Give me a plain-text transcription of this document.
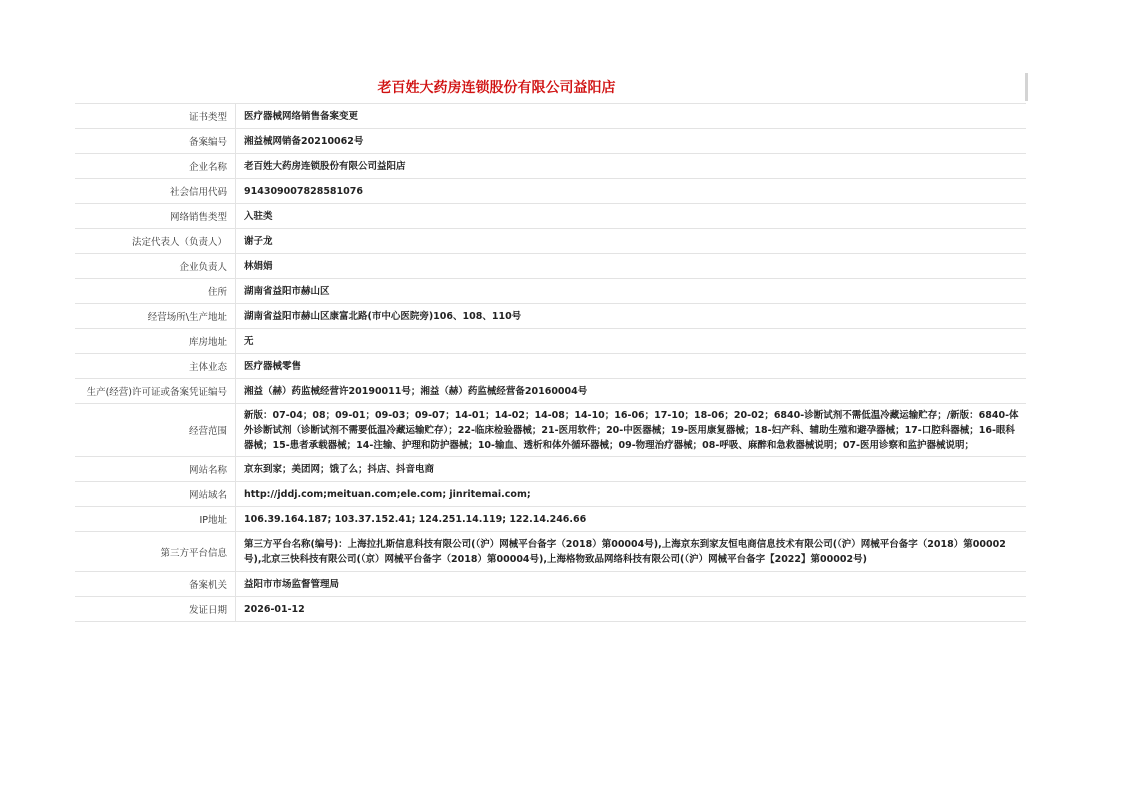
老百姓大药房连锁股份有限公司益阳店
证书类型	医疗器械网络销售备案变更
备案编号	湘益械网销备20210062号
企业名称	老百姓大药房连锁股份有限公司益阳店
社会信用代码	914309007828581076
网络销售类型	入驻类
法定代表人（负责人）	谢子龙
企业负责人	林娟娟
住所	湖南省益阳市赫山区
经营场所\生产地址	湖南省益阳市赫山区康富北路(市中心医院旁)106、108、110号
库房地址	无
主体业态	医疗器械零售
生产(经营)许可证或备案凭证编号	湘益（赫）药监械经营许20190011号；湘益（赫）药监械经营备20160004号
经营范围	新版：07-04；08；09-01；09-03；09-07；14-01；14-02；14-08；14-10；16-06；17-10；18-06；20-02；6840-诊断试剂不需低温冷藏运输贮存；/新版：6840-体外诊断试剂（诊断试剂不需要低温冷藏运输贮存）；22-临床检验器械；21-医用软件；20-中医器械；19-医用康复器械；18-妇产科、辅助生殖和避孕器械；17-口腔科器械；16-眼科器械；15-患者承载器械；14-注输、护理和防护器械；10-输血、透析和体外循环器械；09-物理治疗器械；08-呼吸、麻醉和急救器械说明；07-医用诊察和监护器械说明；
网站名称	京东到家；美团网；饿了么；抖店、抖音电商
网站域名	http://jddj.com;meituan.com;ele.com; jinritemai.com;
IP地址	106.39.164.187; 103.37.152.41; 124.251.14.119; 122.14.246.66
第三方平台信息	第三方平台名称(编号)：上海拉扎斯信息科技有限公司(（沪）网械平台备字（2018）第00004号),上海京东到家友恒电商信息技术有限公司(（沪）网械平台备字（2018）第00002号),北京三快科技有限公司(（京）网械平台备字（2018）第00004号),上海格物致品网络科技有限公司(（沪）网械平台备字【2022】第00002号)
备案机关	益阳市市场监督管理局
发证日期	2026-01-12
